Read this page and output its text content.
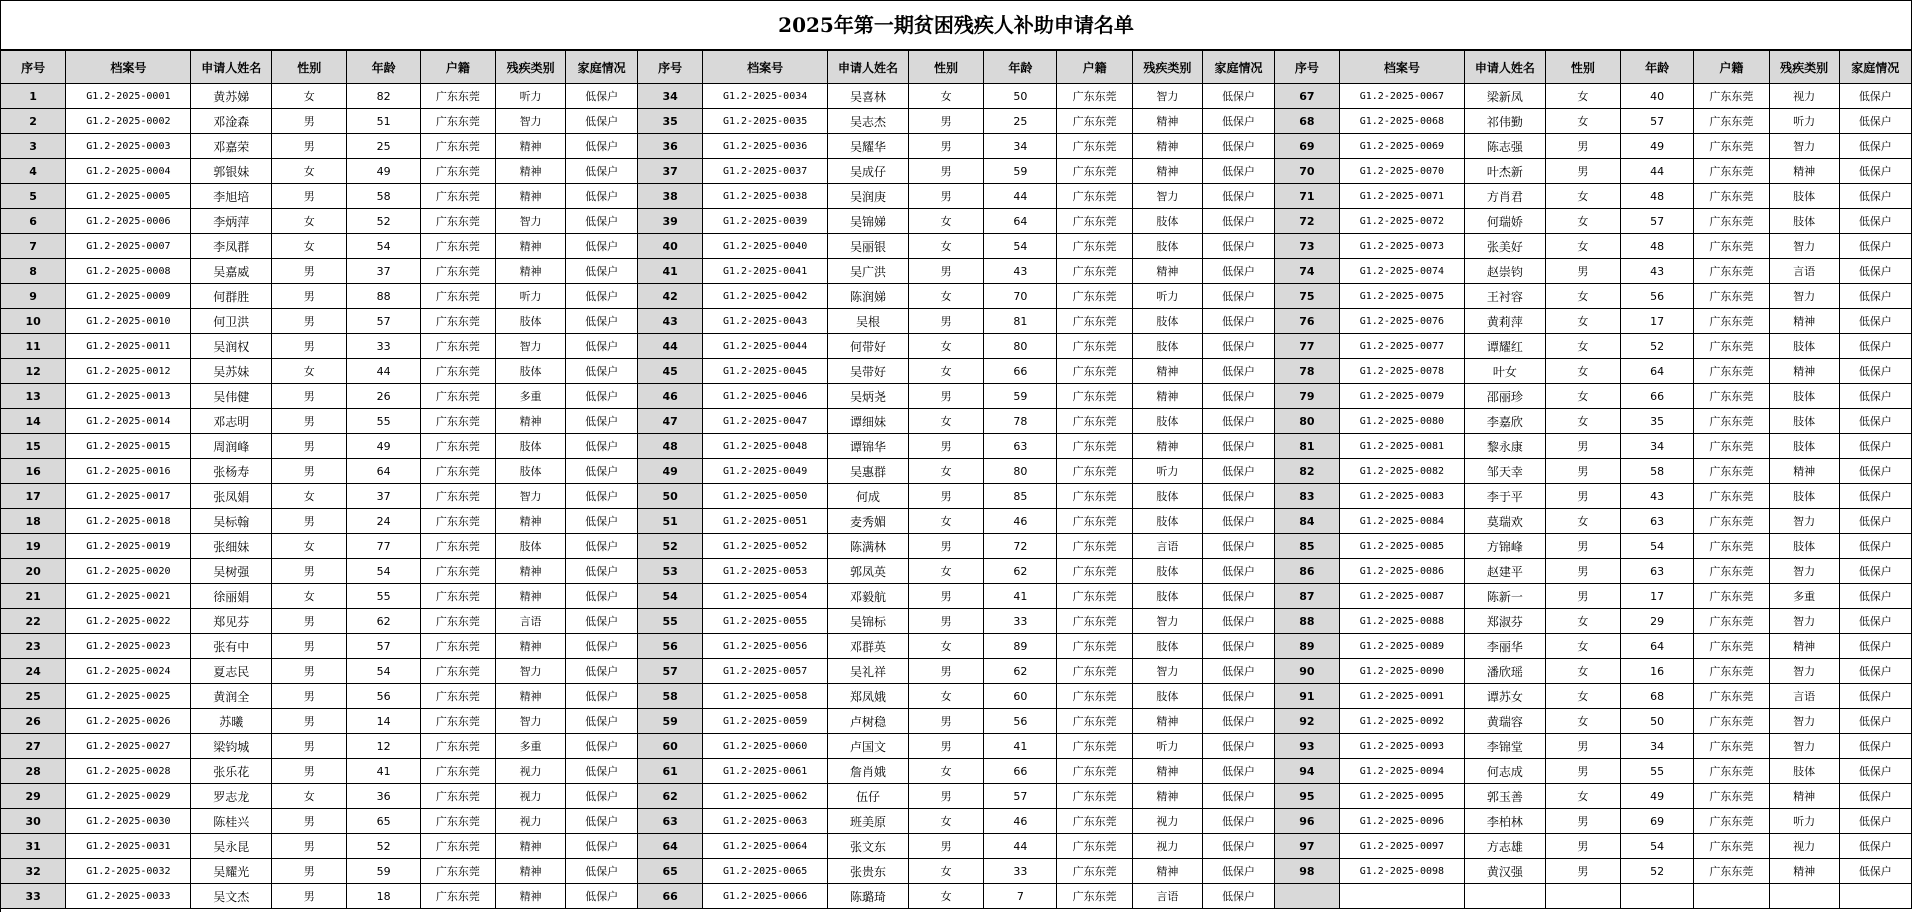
2025年第一期贫困残疾人补助申请名单
序号	档案号	申请人姓名	性别	年龄	户籍	残疾类别	家庭情况	序号	档案号	申请人姓名	性别	年龄	户籍	残疾类别	家庭情况	序号	档案号	申请人姓名	性别	年龄	户籍	残疾类别	家庭情况
1	G1.2-2025-0001	黄苏娣	女	82	广东东莞	听力	低保户	34	G1.2-2025-0034	吴喜林	女	50	广东东莞	智力	低保户	67	G1.2-2025-0067	梁新凤	女	40	广东东莞	视力	低保户
2	G1.2-2025-0002	邓淦森	男	51	广东东莞	智力	低保户	35	G1.2-2025-0035	吴志杰	男	25	广东东莞	精神	低保户	68	G1.2-2025-0068	祁伟勤	女	57	广东东莞	听力	低保户
3	G1.2-2025-0003	邓嘉荣	男	25	广东东莞	精神	低保户	36	G1.2-2025-0036	吴耀华	男	34	广东东莞	精神	低保户	69	G1.2-2025-0069	陈志强	男	49	广东东莞	智力	低保户
4	G1.2-2025-0004	郭银妹	女	49	广东东莞	精神	低保户	37	G1.2-2025-0037	吴成仔	男	59	广东东莞	精神	低保户	70	G1.2-2025-0070	叶杰新	男	44	广东东莞	精神	低保户
5	G1.2-2025-0005	李旭培	男	58	广东东莞	精神	低保户	38	G1.2-2025-0038	吴润庚	男	44	广东东莞	智力	低保户	71	G1.2-2025-0071	方肖君	女	48	广东东莞	肢体	低保户
6	G1.2-2025-0006	李炳萍	女	52	广东东莞	智力	低保户	39	G1.2-2025-0039	吴锦娣	女	64	广东东莞	肢体	低保户	72	G1.2-2025-0072	何瑞娇	女	57	广东东莞	肢体	低保户
7	G1.2-2025-0007	李凤群	女	54	广东东莞	精神	低保户	40	G1.2-2025-0040	吴丽银	女	54	广东东莞	肢体	低保户	73	G1.2-2025-0073	张美好	女	48	广东东莞	智力	低保户
8	G1.2-2025-0008	吴嘉威	男	37	广东东莞	精神	低保户	41	G1.2-2025-0041	吴广洪	男	43	广东东莞	精神	低保户	74	G1.2-2025-0074	赵崇钧	男	43	广东东莞	言语	低保户
9	G1.2-2025-0009	何群胜	男	88	广东东莞	听力	低保户	42	G1.2-2025-0042	陈润娣	女	70	广东东莞	听力	低保户	75	G1.2-2025-0075	王衬容	女	56	广东东莞	智力	低保户
10	G1.2-2025-0010	何卫洪	男	57	广东东莞	肢体	低保户	43	G1.2-2025-0043	吴根	男	81	广东东莞	肢体	低保户	76	G1.2-2025-0076	黄莉萍	女	17	广东东莞	精神	低保户
11	G1.2-2025-0011	吴润权	男	33	广东东莞	智力	低保户	44	G1.2-2025-0044	何带好	女	80	广东东莞	肢体	低保户	77	G1.2-2025-0077	谭耀红	女	52	广东东莞	肢体	低保户
12	G1.2-2025-0012	吴苏妹	女	44	广东东莞	肢体	低保户	45	G1.2-2025-0045	吴带好	女	66	广东东莞	精神	低保户	78	G1.2-2025-0078	叶女	女	64	广东东莞	精神	低保户
13	G1.2-2025-0013	吴伟健	男	26	广东东莞	多重	低保户	46	G1.2-2025-0046	吴炳尧	男	59	广东东莞	精神	低保户	79	G1.2-2025-0079	邵丽珍	女	66	广东东莞	肢体	低保户
14	G1.2-2025-0014	邓志明	男	55	广东东莞	精神	低保户	47	G1.2-2025-0047	谭细妹	女	78	广东东莞	肢体	低保户	80	G1.2-2025-0080	李嘉欣	女	35	广东东莞	肢体	低保户
15	G1.2-2025-0015	周润峰	男	49	广东东莞	肢体	低保户	48	G1.2-2025-0048	谭锦华	男	63	广东东莞	精神	低保户	81	G1.2-2025-0081	黎永康	男	34	广东东莞	肢体	低保户
16	G1.2-2025-0016	张杨寿	男	64	广东东莞	肢体	低保户	49	G1.2-2025-0049	吴惠群	女	80	广东东莞	听力	低保户	82	G1.2-2025-0082	邹天幸	男	58	广东东莞	精神	低保户
17	G1.2-2025-0017	张凤娟	女	37	广东东莞	智力	低保户	50	G1.2-2025-0050	何成	男	85	广东东莞	肢体	低保户	83	G1.2-2025-0083	李于平	男	43	广东东莞	肢体	低保户
18	G1.2-2025-0018	吴标翰	男	24	广东东莞	精神	低保户	51	G1.2-2025-0051	麦秀媚	女	46	广东东莞	肢体	低保户	84	G1.2-2025-0084	莫瑞欢	女	63	广东东莞	智力	低保户
19	G1.2-2025-0019	张细妹	女	77	广东东莞	肢体	低保户	52	G1.2-2025-0052	陈满林	男	72	广东东莞	言语	低保户	85	G1.2-2025-0085	方锦峰	男	54	广东东莞	肢体	低保户
20	G1.2-2025-0020	吴树强	男	54	广东东莞	精神	低保户	53	G1.2-2025-0053	郭凤英	女	62	广东东莞	肢体	低保户	86	G1.2-2025-0086	赵建平	男	63	广东东莞	智力	低保户
21	G1.2-2025-0021	徐丽娟	女	55	广东东莞	精神	低保户	54	G1.2-2025-0054	邓毅航	男	41	广东东莞	肢体	低保户	87	G1.2-2025-0087	陈新一	男	17	广东东莞	多重	低保户
22	G1.2-2025-0022	郑见芬	男	62	广东东莞	言语	低保户	55	G1.2-2025-0055	吴锦标	男	33	广东东莞	智力	低保户	88	G1.2-2025-0088	郑淑芬	女	29	广东东莞	智力	低保户
23	G1.2-2025-0023	张有中	男	57	广东东莞	精神	低保户	56	G1.2-2025-0056	邓群英	女	89	广东东莞	肢体	低保户	89	G1.2-2025-0089	李丽华	女	64	广东东莞	精神	低保户
24	G1.2-2025-0024	夏志民	男	54	广东东莞	智力	低保户	57	G1.2-2025-0057	吴礼祥	男	62	广东东莞	智力	低保户	90	G1.2-2025-0090	潘欣瑶	女	16	广东东莞	智力	低保户
25	G1.2-2025-0025	黄润全	男	56	广东东莞	精神	低保户	58	G1.2-2025-0058	郑凤娥	女	60	广东东莞	肢体	低保户	91	G1.2-2025-0091	谭苏女	女	68	广东东莞	言语	低保户
26	G1.2-2025-0026	苏曦	男	14	广东东莞	智力	低保户	59	G1.2-2025-0059	卢树稳	男	56	广东东莞	精神	低保户	92	G1.2-2025-0092	黄瑞容	女	50	广东东莞	智力	低保户
27	G1.2-2025-0027	梁钧城	男	12	广东东莞	多重	低保户	60	G1.2-2025-0060	卢国文	男	41	广东东莞	听力	低保户	93	G1.2-2025-0093	李锦堂	男	34	广东东莞	智力	低保户
28	G1.2-2025-0028	张乐花	男	41	广东东莞	视力	低保户	61	G1.2-2025-0061	詹肖娥	女	66	广东东莞	精神	低保户	94	G1.2-2025-0094	何志成	男	55	广东东莞	肢体	低保户
29	G1.2-2025-0029	罗志龙	女	36	广东东莞	视力	低保户	62	G1.2-2025-0062	伍仔	男	57	广东东莞	精神	低保户	95	G1.2-2025-0095	郭玉善	女	49	广东东莞	精神	低保户
30	G1.2-2025-0030	陈桂兴	男	65	广东东莞	视力	低保户	63	G1.2-2025-0063	班美原	女	46	广东东莞	视力	低保户	96	G1.2-2025-0096	李柏林	男	69	广东东莞	听力	低保户
31	G1.2-2025-0031	吴永昆	男	52	广东东莞	精神	低保户	64	G1.2-2025-0064	张文东	男	44	广东东莞	视力	低保户	97	G1.2-2025-0097	方志雄	男	54	广东东莞	视力	低保户
32	G1.2-2025-0032	吴耀光	男	59	广东东莞	精神	低保户	65	G1.2-2025-0065	张贵东	女	33	广东东莞	精神	低保户	98	G1.2-2025-0098	黄汉强	男	52	广东东莞	精神	低保户
33	G1.2-2025-0033	吴文杰	男	18	广东东莞	精神	低保户	66	G1.2-2025-0066	陈璐琦	女	7	广东东莞	言语	低保户								
